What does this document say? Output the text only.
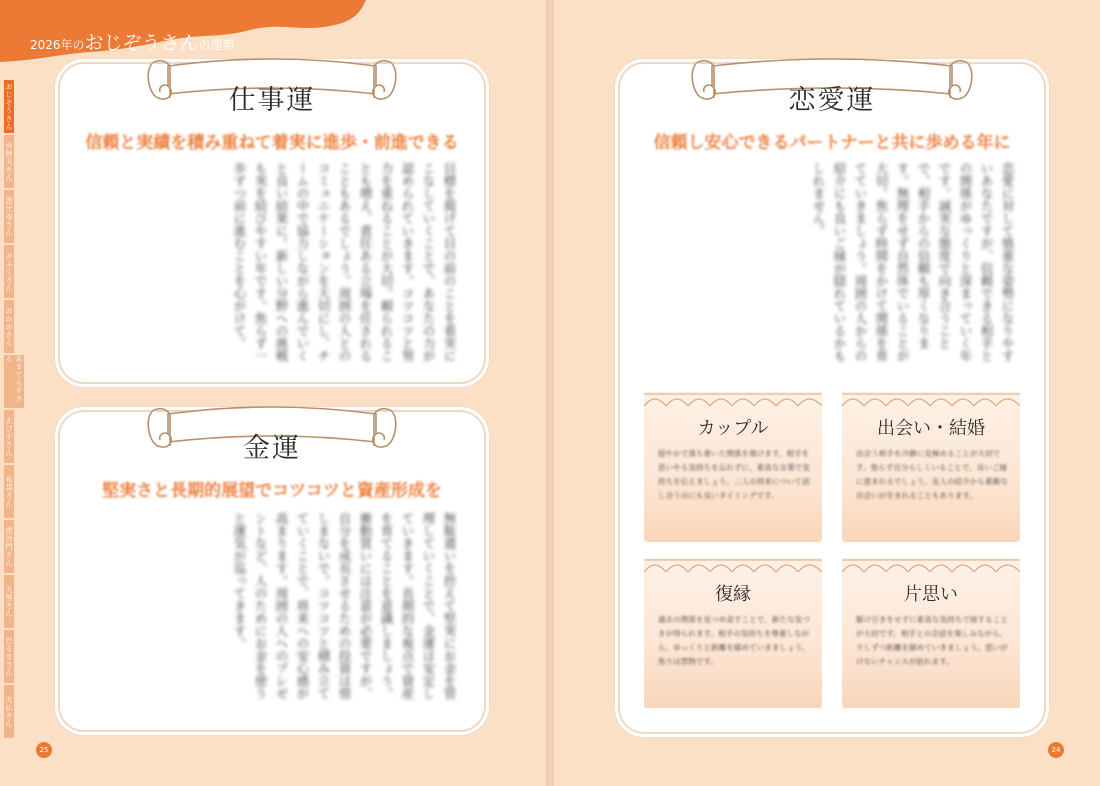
2026年のおじぞうさんの運勢
おじぞうさん
弁財天さん
恵比寿さん
おふくさん
おかめさん
あまてらすさん
えびすさん
布袋さん
毘沙門さん
大黒さん
だるまさん
大仏さん
仕事運
信頼と実績を積み重ねて着実に進歩・前進できる
目標を掲げて目の前のことを着実にこなしていくことで、あなたの力が認められていきます。コツコツと努力を重ねることが大切。頼られることも増え、責任ある立場を任されることもあるでしょう。周囲の人とのコミュニケーションを大切にし、チームの中で協力しながら進んでいくと良い結果に。新しい分野への挑戦も実を結びやすい年です。焦らず一歩ずつ前に進むことを心がけて。
金運
堅実さと長期的展望でコツコツと資産形成を
無駄遣いを控えて堅実にお金を管理していくことで、金運は安定していきます。長期的な視点で資産を育てることを意識しましょう。衝動買いには注意が必要ですが、自分を成長させるための投資は惜しまないで。コツコツと積み立てていくことで、将来への安心感が高まります。周囲の人へのプレゼントなど、人のためにお金を使うと運気が巡ってきます。
25
恋愛運
信頼し安心できるパートナーと共に歩める年に
恋愛に対して慎重な姿勢になりやすいあなたですが、信頼できる相手との関係がゆっくりと深まっていく年です。誠実な態度で向き合うことで、相手からの信頼も厚くなります。無理をせず自然体でいることが大切。焦らず時間をかけて関係を育てていきましょう。周囲の人からの紹介にも良いご縁が隠れているかもしれません。
カップル
穏やかで落ち着いた関係を築けます。相手を思いやる気持ちを忘れずに、素直な言葉で気持ちを伝えましょう。二人の将来について話し合うのにも良いタイミングです。
出会い・結婚
出会う相手を冷静に見極めることが大切です。焦らず自分らしくいることで、良いご縁に恵まれるでしょう。友人の紹介から素敵な出会いが生まれることもあります。
復縁
過去の関係を見つめ直すことで、新たな気づきが得られます。相手の気持ちを尊重しながら、ゆっくりと距離を縮めていきましょう。焦りは禁物です。
片思い
駆け引きをせずに素直な気持ちで接することが大切です。相手との会話を楽しみながら、少しずつ距離を縮めていきましょう。思いがけないチャンスが訪れます。
24
